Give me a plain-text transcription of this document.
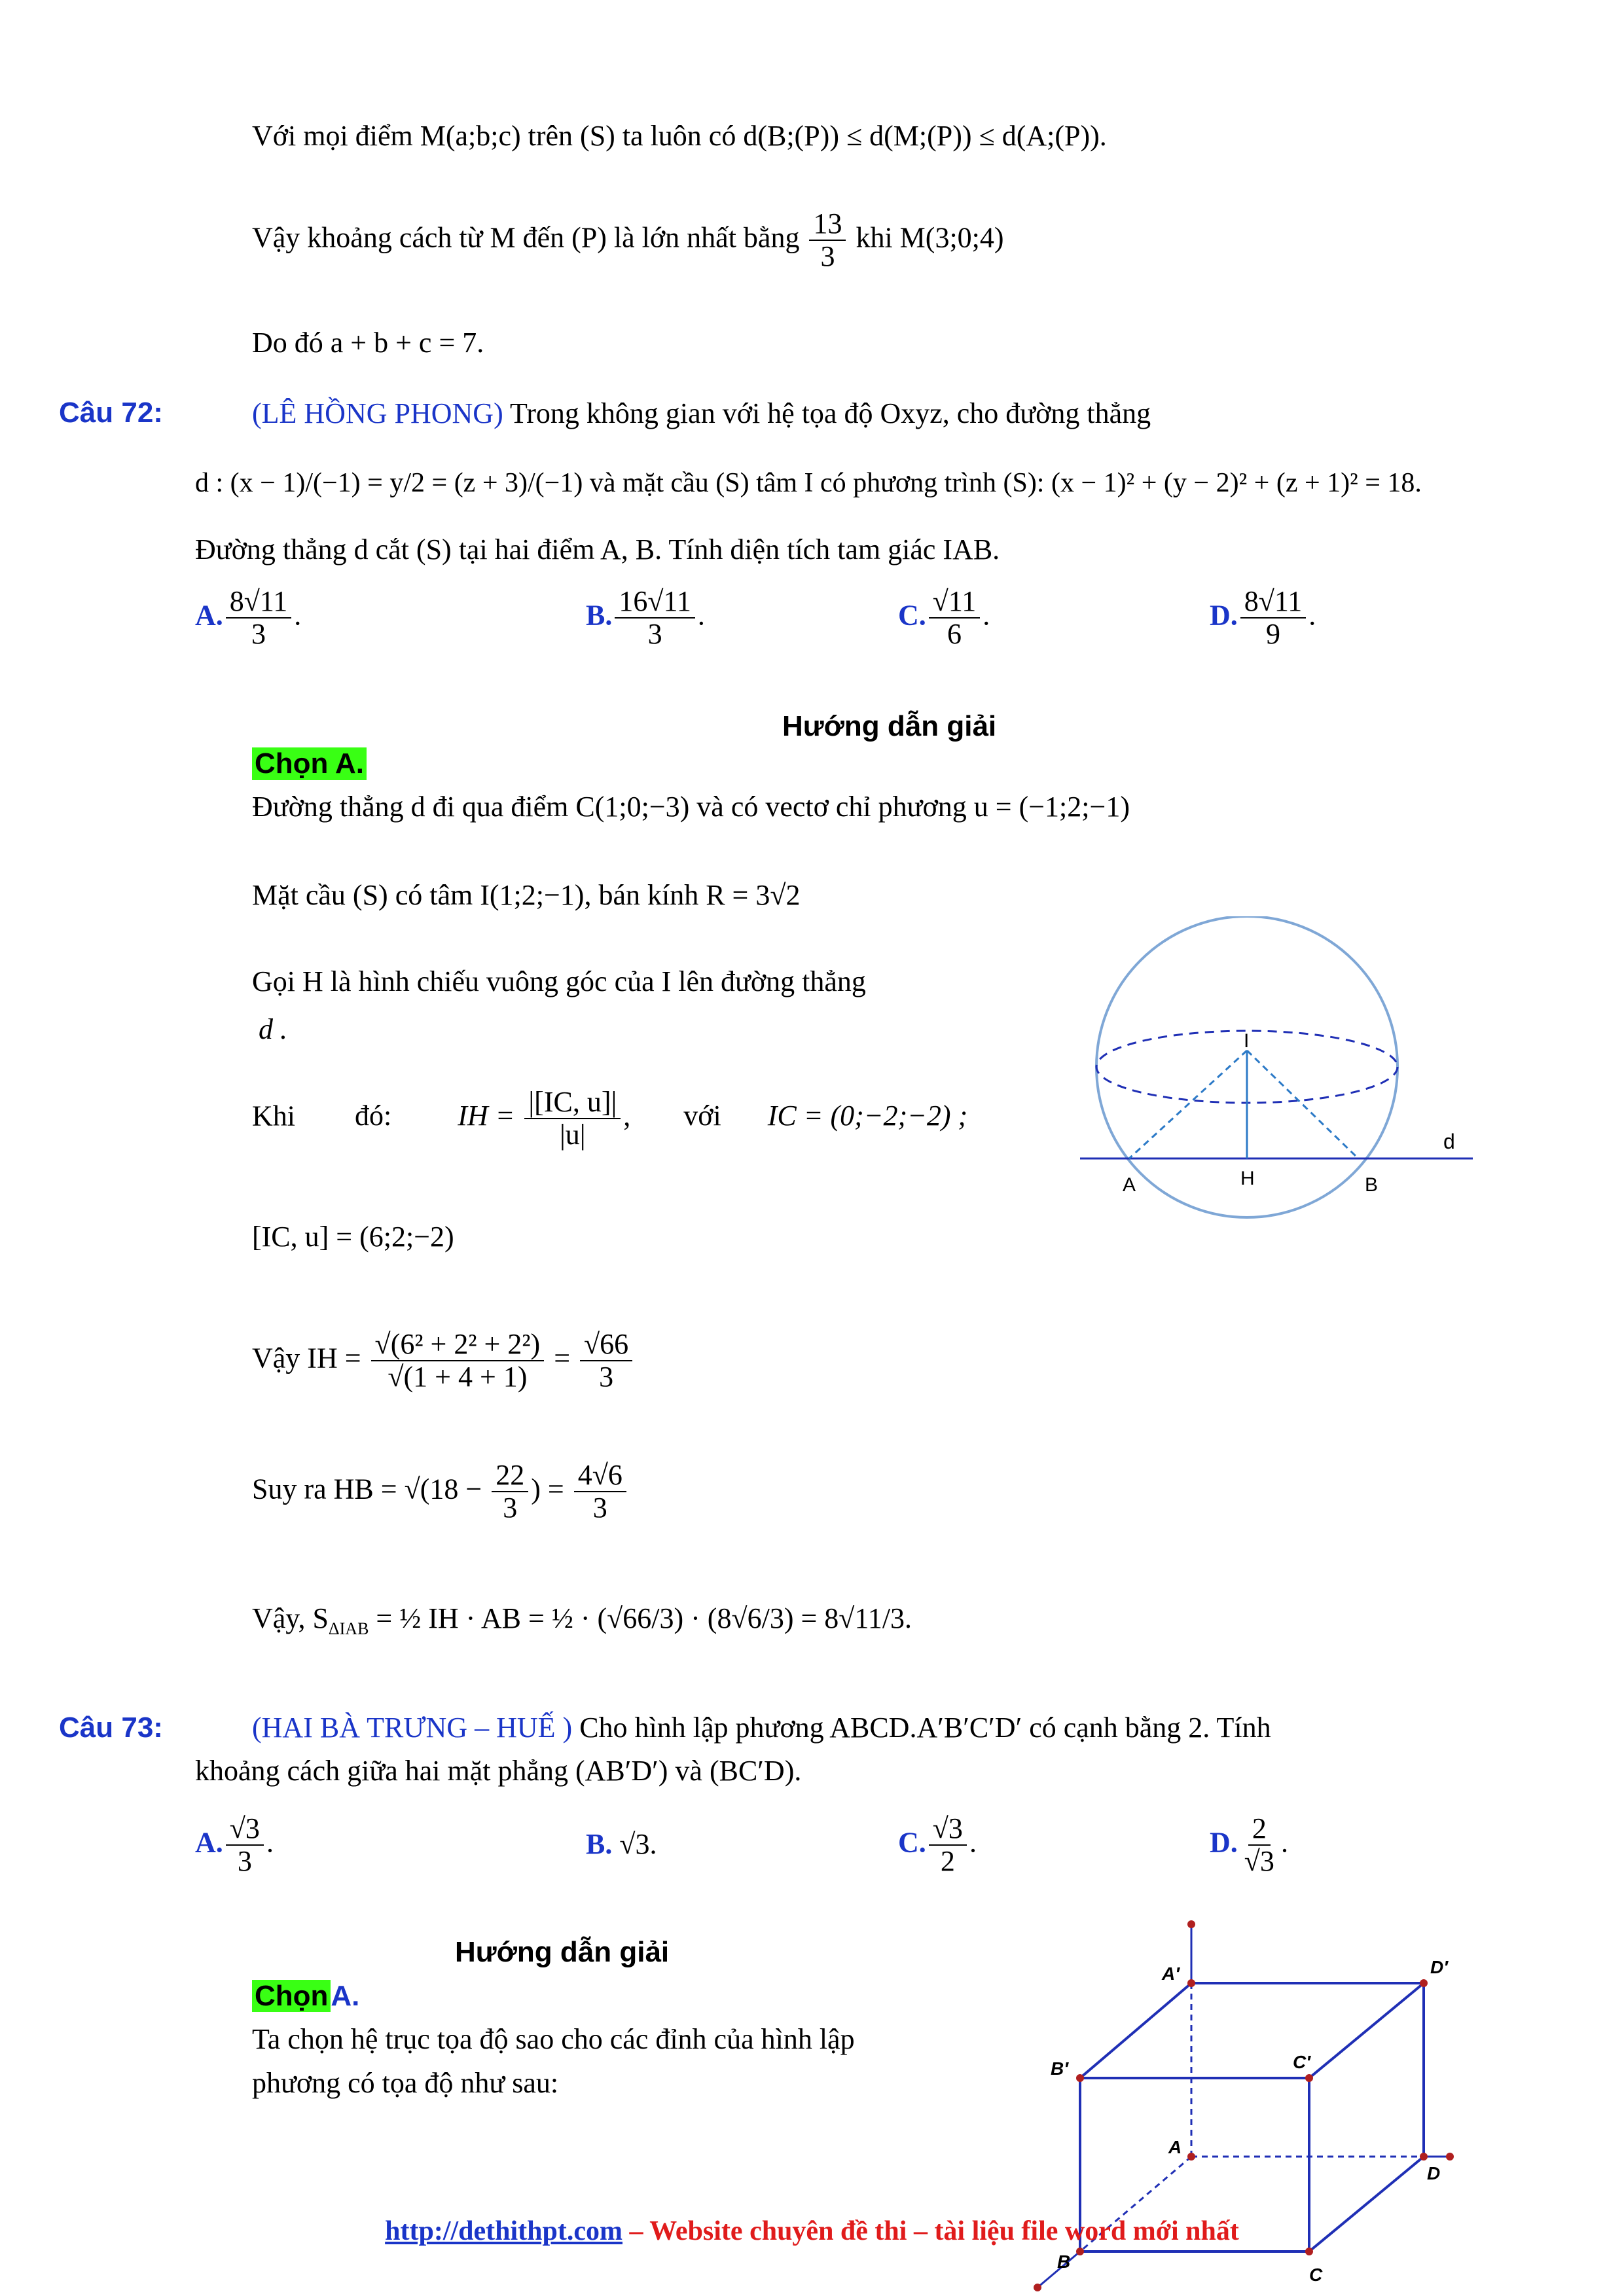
Với mọi điểm M(a;b;c) trên (S) ta luôn có d(B;(P)) ≤ d(M;(P)) ≤ d(A;(P)).
Vậy khoảng cách từ M đến (P) là lớn nhất bằng $\frac{13}{3}$ khi M(3;0;4)
Do đó a + b + c = 7.
Câu 72:	(LÊ HỒNG PHONG) Trong không gian với hệ tọa độ Oxyz, cho đường thẳng
d : (x − 1)/(−1) = y/2 = (z + 3)/(−1) và mặt cầu (S) tâm I có phương trình (S): (x − 1)² + (y − 2)² + (z + 1)² = 18.
Đường thẳng d cắt (S) tại hai điểm A, B. Tính diện tích tam giác IAB.
A. $\frac{8√11}{3}$ .	B. $\frac{16√11}{3}$ .	C. $\frac{√11}{6}$ .	D. $\frac{8√11}{9}$ .
Hướng dẫn giải
Chọn A.
Đường thẳng d đi qua điểm C(1;0;−3) và có vectơ chỉ phương u = (−1;2;−1)
Mặt cầu (S) có tâm I(1;2;−1), bán kính R = 3√2
Gọi H là hình chiếu vuông góc của I lên đường thẳng
d .
Khi đó: IH = $\frac{|[IC, u]|}{|u|}$ , với IC = (0;−2;−2) ;
[IC, u] = (6;2;−2)
Vậy IH = $\frac{\text{√(6² + 2² + 2²)}}{√(1 + 4 + 1)} = \frac{√66}{3}$
Suy ra HB = $√(18 - \frac{22}{3}$ ) = $\frac{4√6}{3}$
Vậy, $S_{\Delta IAB}$ = ½ IH · AB = ½ · (√66/3) · (8√6/3) = 8√11/3.
I
H
A	B
d
Câu 73:	(HAI BÀ TRƯNG – HUẾ ) Cho hình lập phương ABCD.A′B′C′D′ có cạnh bằng 2. Tính
khoảng cách giữa hai mặt phẳng (AB′D′) và (BC′D).
A. $\frac{√3}{3}$ .	B. √3.	C. $\frac{√3}{2}$ .	D. $\frac{2}{√3}$ .
Hướng dẫn giải
ChọnA.
Ta chọn hệ trục tọa độ sao cho các đỉnh của hình lập
phương có tọa độ như sau:
A′	D′
B′	C′
A
D
B
C
http://dethithpt.com – Website chuyên đề thi – tài liệu file word mới nhất
